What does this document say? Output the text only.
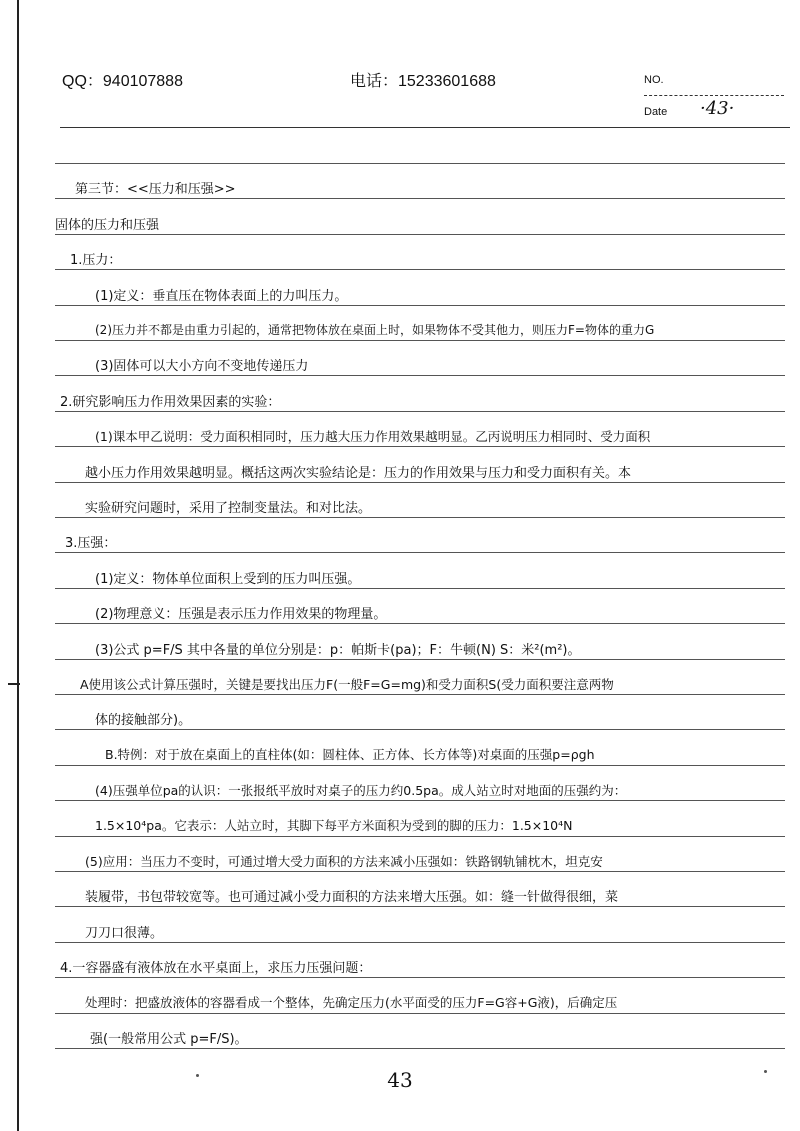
QQ：940107888	电话：15233601688	NO.
Date ·43·
第三节：<<压力和压强>>
固体的压力和压强
1.压力：
(1)定义：垂直压在物体表面上的力叫压力。
(2)压力并不都是由重力引起的，通常把物体放在桌面上时，如果物体不受其他力，则压力F=物体的重力G
(3)固体可以大小方向不变地传递压力
2.研究影响压力作用效果因素的实验：
(1)课本甲乙说明：受力面积相同时，压力越大压力作用效果越明显。乙丙说明压力相同时、受力面积
越小压力作用效果越明显。概括这两次实验结论是：压力的作用效果与压力和受力面积有关。本
实验研究问题时，采用了控制变量法。和对比法。
3.压强：
(1)定义：物体单位面积上受到的压力叫压强。
(2)物理意义：压强是表示压力作用效果的物理量。
(3)公式 p=F/S 其中各量的单位分别是：p：帕斯卡(pa)；F：牛顿(N) S：米²(m²)。
A使用该公式计算压强时，关键是要找出压力F(一般F=G=mg)和受力面积S(受力面积要注意两物
体的接触部分)。
B.特例：对于放在桌面上的直柱体(如：圆柱体、正方体、长方体等)对桌面的压强p=ρgh
(4)压强单位pa的认识：一张报纸平放时对桌子的压力约0.5pa。成人站立时对地面的压强约为：
1.5×10⁴pa。它表示：人站立时，其脚下每平方米面积为受到的脚的压力：1.5×10⁴N
(5)应用：当压力不变时，可通过增大受力面积的方法来减小压强如：铁路钢轨铺枕木，坦克安
装履带，书包带较宽等。也可通过减小受力面积的方法来增大压强。如：缝一针做得很细，菜
刀刀口很薄。
4.一容器盛有液体放在水平桌面上，求压力压强问题：
处理时：把盛放液体的容器看成一个整体，先确定压力(水平面受的压力F=G容+G液)，后确定压
强(一般常用公式 p=F/S)。
43
